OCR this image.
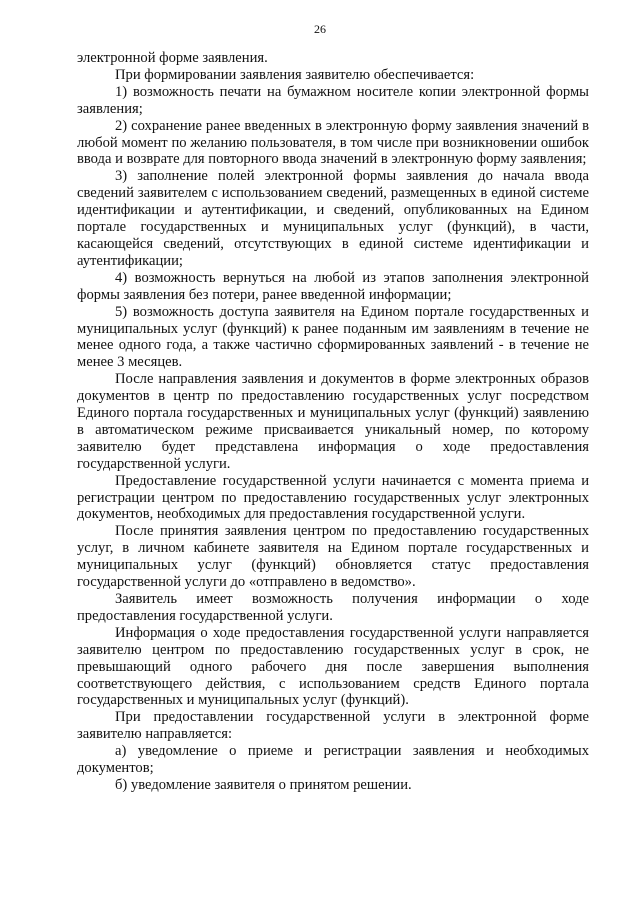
26

электронной форме заявления.

При формировании заявления заявителю обеспечивается:

1) возможность печати на бумажном носителе копии электронной формы заявления;

2) сохранение ранее введенных в электронную форму заявления значений в любой момент по желанию пользователя, в том числе при возникновении ошибок ввода и возврате для повторного ввода значений в электронную форму заявления;

3) заполнение полей электронной формы заявления до начала ввода сведений заявителем с использованием сведений, размещенных в единой системе идентификации и аутентификации, и сведений, опубликованных на Едином портале государственных и муниципальных услуг (функций), в части, касающейся сведений, отсутствующих в единой системе идентификации и аутентификации;

4) возможность вернуться на любой из этапов заполнения электронной формы заявления без потери, ранее введенной информации;

5) возможность доступа заявителя на Едином портале государственных и муниципальных услуг (функций) к ранее поданным им заявлениям в течение не менее одного года, а также частично сформированных заявлений - в течение не менее 3 месяцев.

После направления заявления и документов в форме электронных образов документов в центр по предоставлению государственных услуг посредством Единого портала государственных и муниципальных услуг (функций) заявлению в автоматическом режиме присваивается уникальный номер, по которому заявителю будет представлена информация о ходе предоставления государственной услуги.

Предоставление государственной услуги начинается с момента приема и регистрации центром по предоставлению государственных услуг электронных документов, необходимых для предоставления государственной услуги.

После принятия заявления центром по предоставлению государственных услуг, в личном кабинете заявителя на Едином портале государственных и муниципальных услуг (функций) обновляется статус предоставления государственной услуги до «отправлено в ведомство».

Заявитель имеет возможность получения информации о ходе предоставления государственной услуги.

Информация о ходе предоставления государственной услуги направляется заявителю центром по предоставлению государственных услуг в срок, не превышающий одного рабочего дня после завершения выполнения соответствующего действия, с использованием средств Единого портала государственных и муниципальных услуг (функций).

При предоставлении государственной услуги в электронной форме заявителю направляется:

а) уведомление о приеме и регистрации заявления и необходимых документов;

б) уведомление заявителя о принятом решении.
